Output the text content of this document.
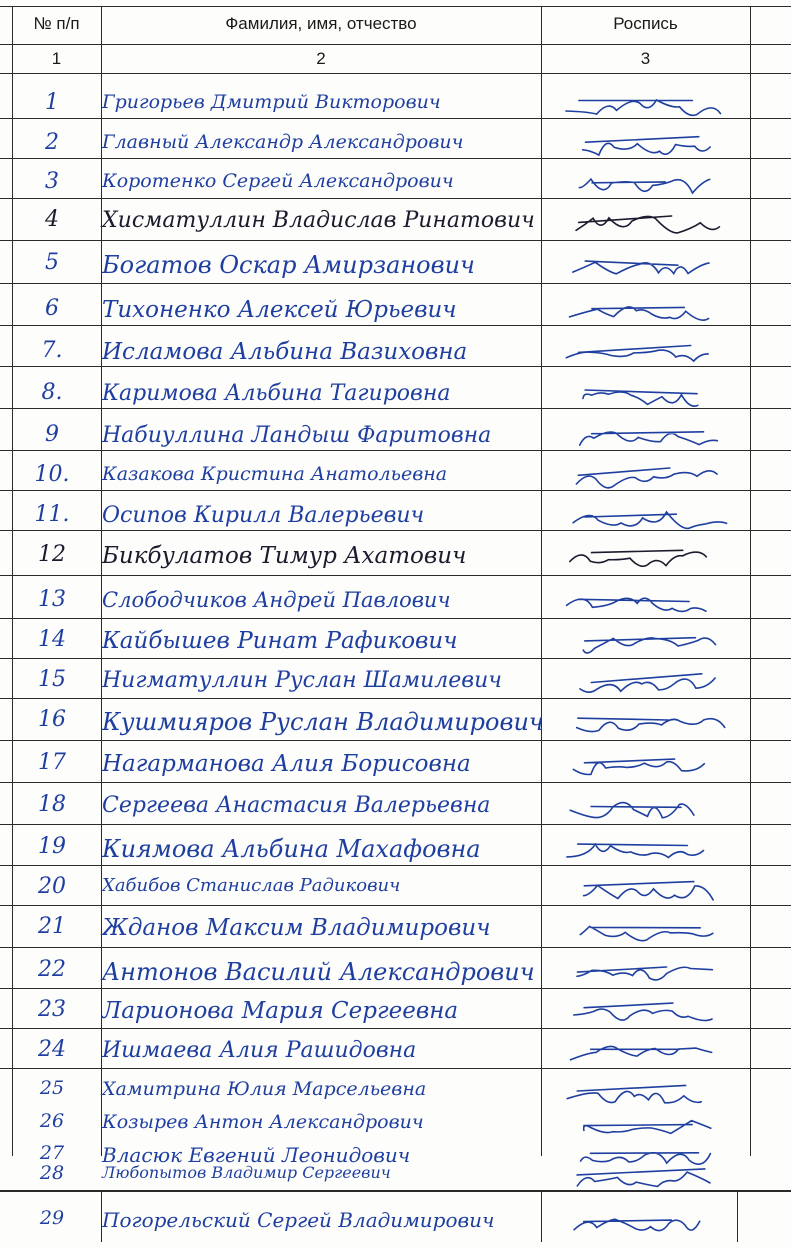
№ п/п	Фамилия, имя, отчество	Роспись
1	2	3
1	Григорьев Дмитрий Викторович
2	Главный Александр Александрович
3	Коротенко Сергей Александрович
4	Хисматуллин Владислав Ринатович
5	Богатов Оскар Амирзанович
6	Тихоненко Алексей Юрьевич
7.	Исламова Альбина Вазиховна
8.	Каримова Альбина Тагировна
9	Набиуллина Ландыш Фаритовна
10.	Казакова Кристина Анатольевна
11.	Осипов Кирилл Валерьевич
12	Бикбулатов Тимур Ахатович
13	Слободчиков Андрей Павлович
14	Кайбышев Ринат Рафикович
15	Нигматуллин Руслан Шамилевич
16	Кушмияров Руслан Владимирович
17	Нагарманова Алия Борисовна
18	Сергеева Анастасия Валерьевна
19	Киямова Альбина Махафовна
20	Хабибов Станислав Радикович
21	Жданов Максим Владимирович
22	Антонов Василий Александрович
23	Ларионова Мария Сергеевна
24	Ишмаева Алия Рашидовна
25	Хамитрина Юлия Марсельевна
26	Козырев Антон Александрович
27	Власюк Евгений Леонидович
28	Любопытов Владимир Сергеевич
29	Погорельский Сергей Владимирович
